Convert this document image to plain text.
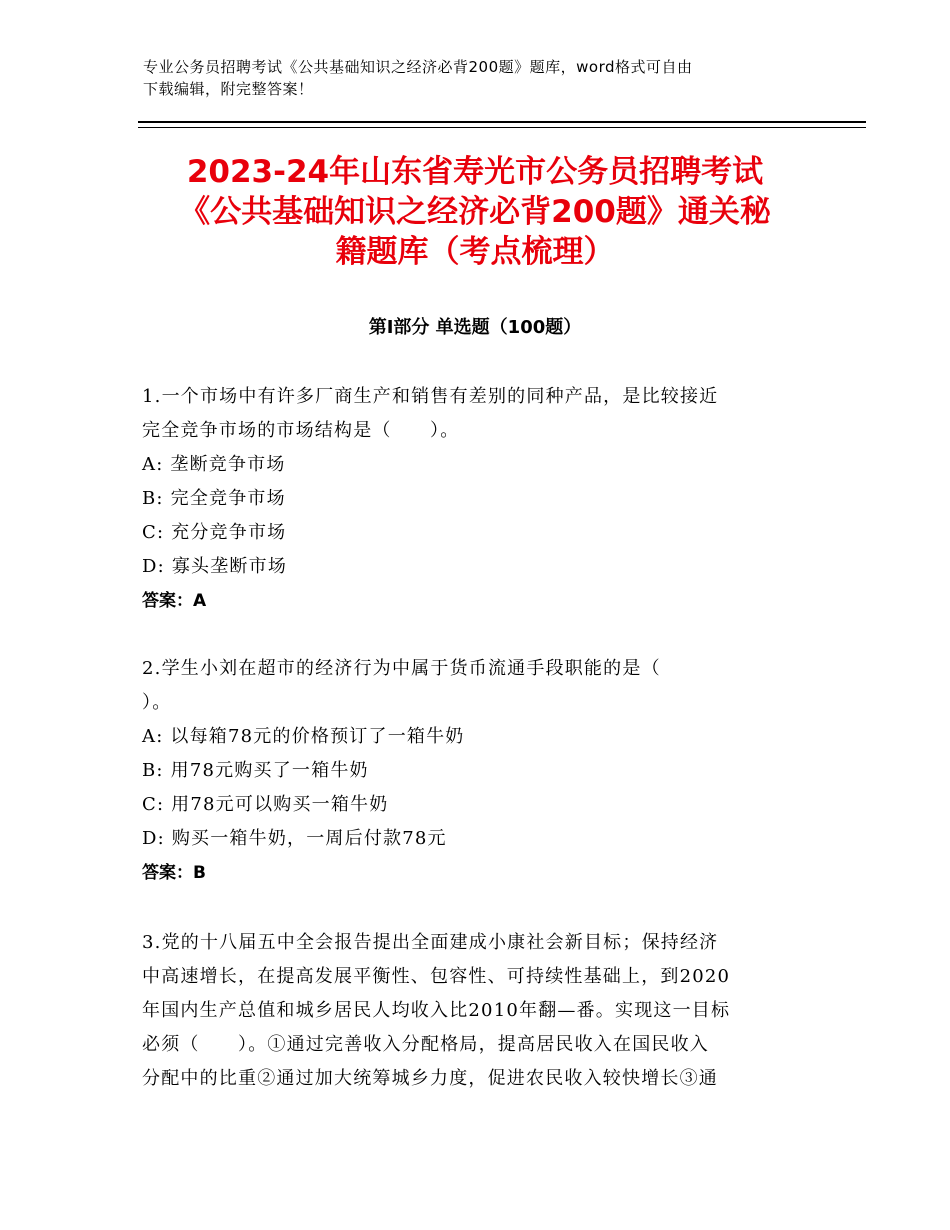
专业公务员招聘考试《公共基础知识之经济必背200题》题库，word格式可自由
下载编辑，附完整答案！
2023-24年山东省寿光市公务员招聘考试
《公共基础知识之经济必背200题》通关秘
籍题库（考点梳理）
第Ⅰ部分 单选题（100题）
1.一个市场中有许多厂商生产和销售有差别的同种产品，是比较接近
完全竞争市场的市场结构是（　　）。
A: 垄断竞争市场
B: 完全竞争市场
C: 充分竞争市场
D: 寡头垄断市场
答案：A
2.学生小刘在超市的经济行为中属于货币流通手段职能的是（
）。
A: 以每箱78元的价格预订了一箱牛奶
B: 用78元购买了一箱牛奶
C: 用78元可以购买一箱牛奶
D: 购买一箱牛奶，一周后付款78元
答案：B
3.党的十八届五中全会报告提出全面建成小康社会新目标；保持经济
中高速增长，在提高发展平衡性、包容性、可持续性基础上，到2020
年国内生产总值和城乡居民人均收入比2010年翻—番。实现这一目标
必须（　　）。①通过完善收入分配格局，提高居民收入在国民收入
分配中的比重②通过加大统筹城乡力度，促进农民收入较快增长③通
